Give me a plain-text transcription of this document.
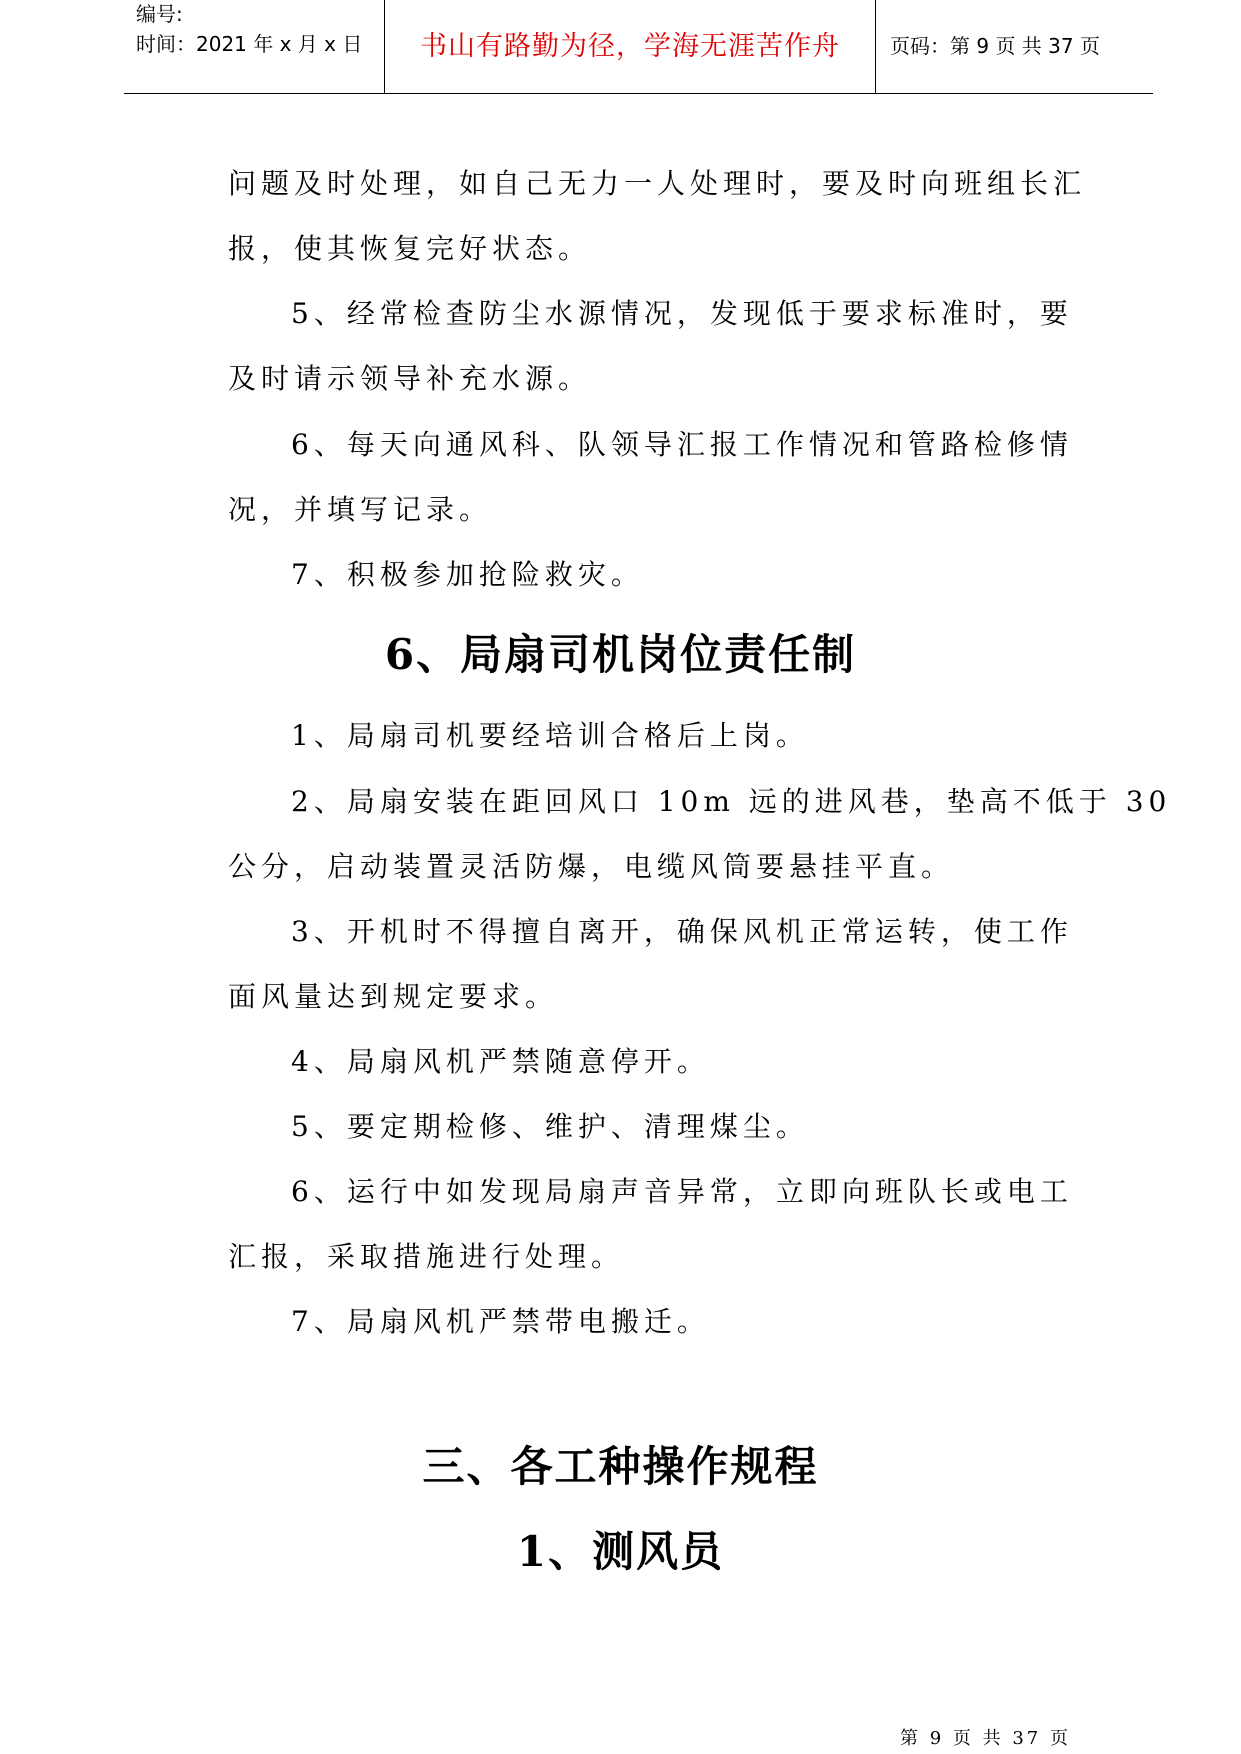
编号:
时间：2021 年 x 月 x 日	书山有路勤为径，学海无涯苦作舟	页码：第 9 页 共 37 页
问题及时处理，如自己无力一人处理时，要及时向班组长汇
报，使其恢复完好状态。
5、经常检查防尘水源情况，发现低于要求标准时，要
及时请示领导补充水源。
6、每天向通风科、队领导汇报工作情况和管路检修情
况，并填写记录。
7、积极参加抢险救灾。
6、局扇司机岗位责任制
1、局扇司机要经培训合格后上岗。
2、局扇安装在距回风口 10m 远的进风巷，垫高不低于 30
公分，启动装置灵活防爆，电缆风筒要悬挂平直。
3、开机时不得擅自离开，确保风机正常运转，使工作
面风量达到规定要求。
4、局扇风机严禁随意停开。
5、要定期检修、维护、清理煤尘。
6、运行中如发现局扇声音异常，立即向班队长或电工
汇报，采取措施进行处理。
7、局扇风机严禁带电搬迁。
三、各工种操作规程
1、测风员
第 9 页 共 37 页
